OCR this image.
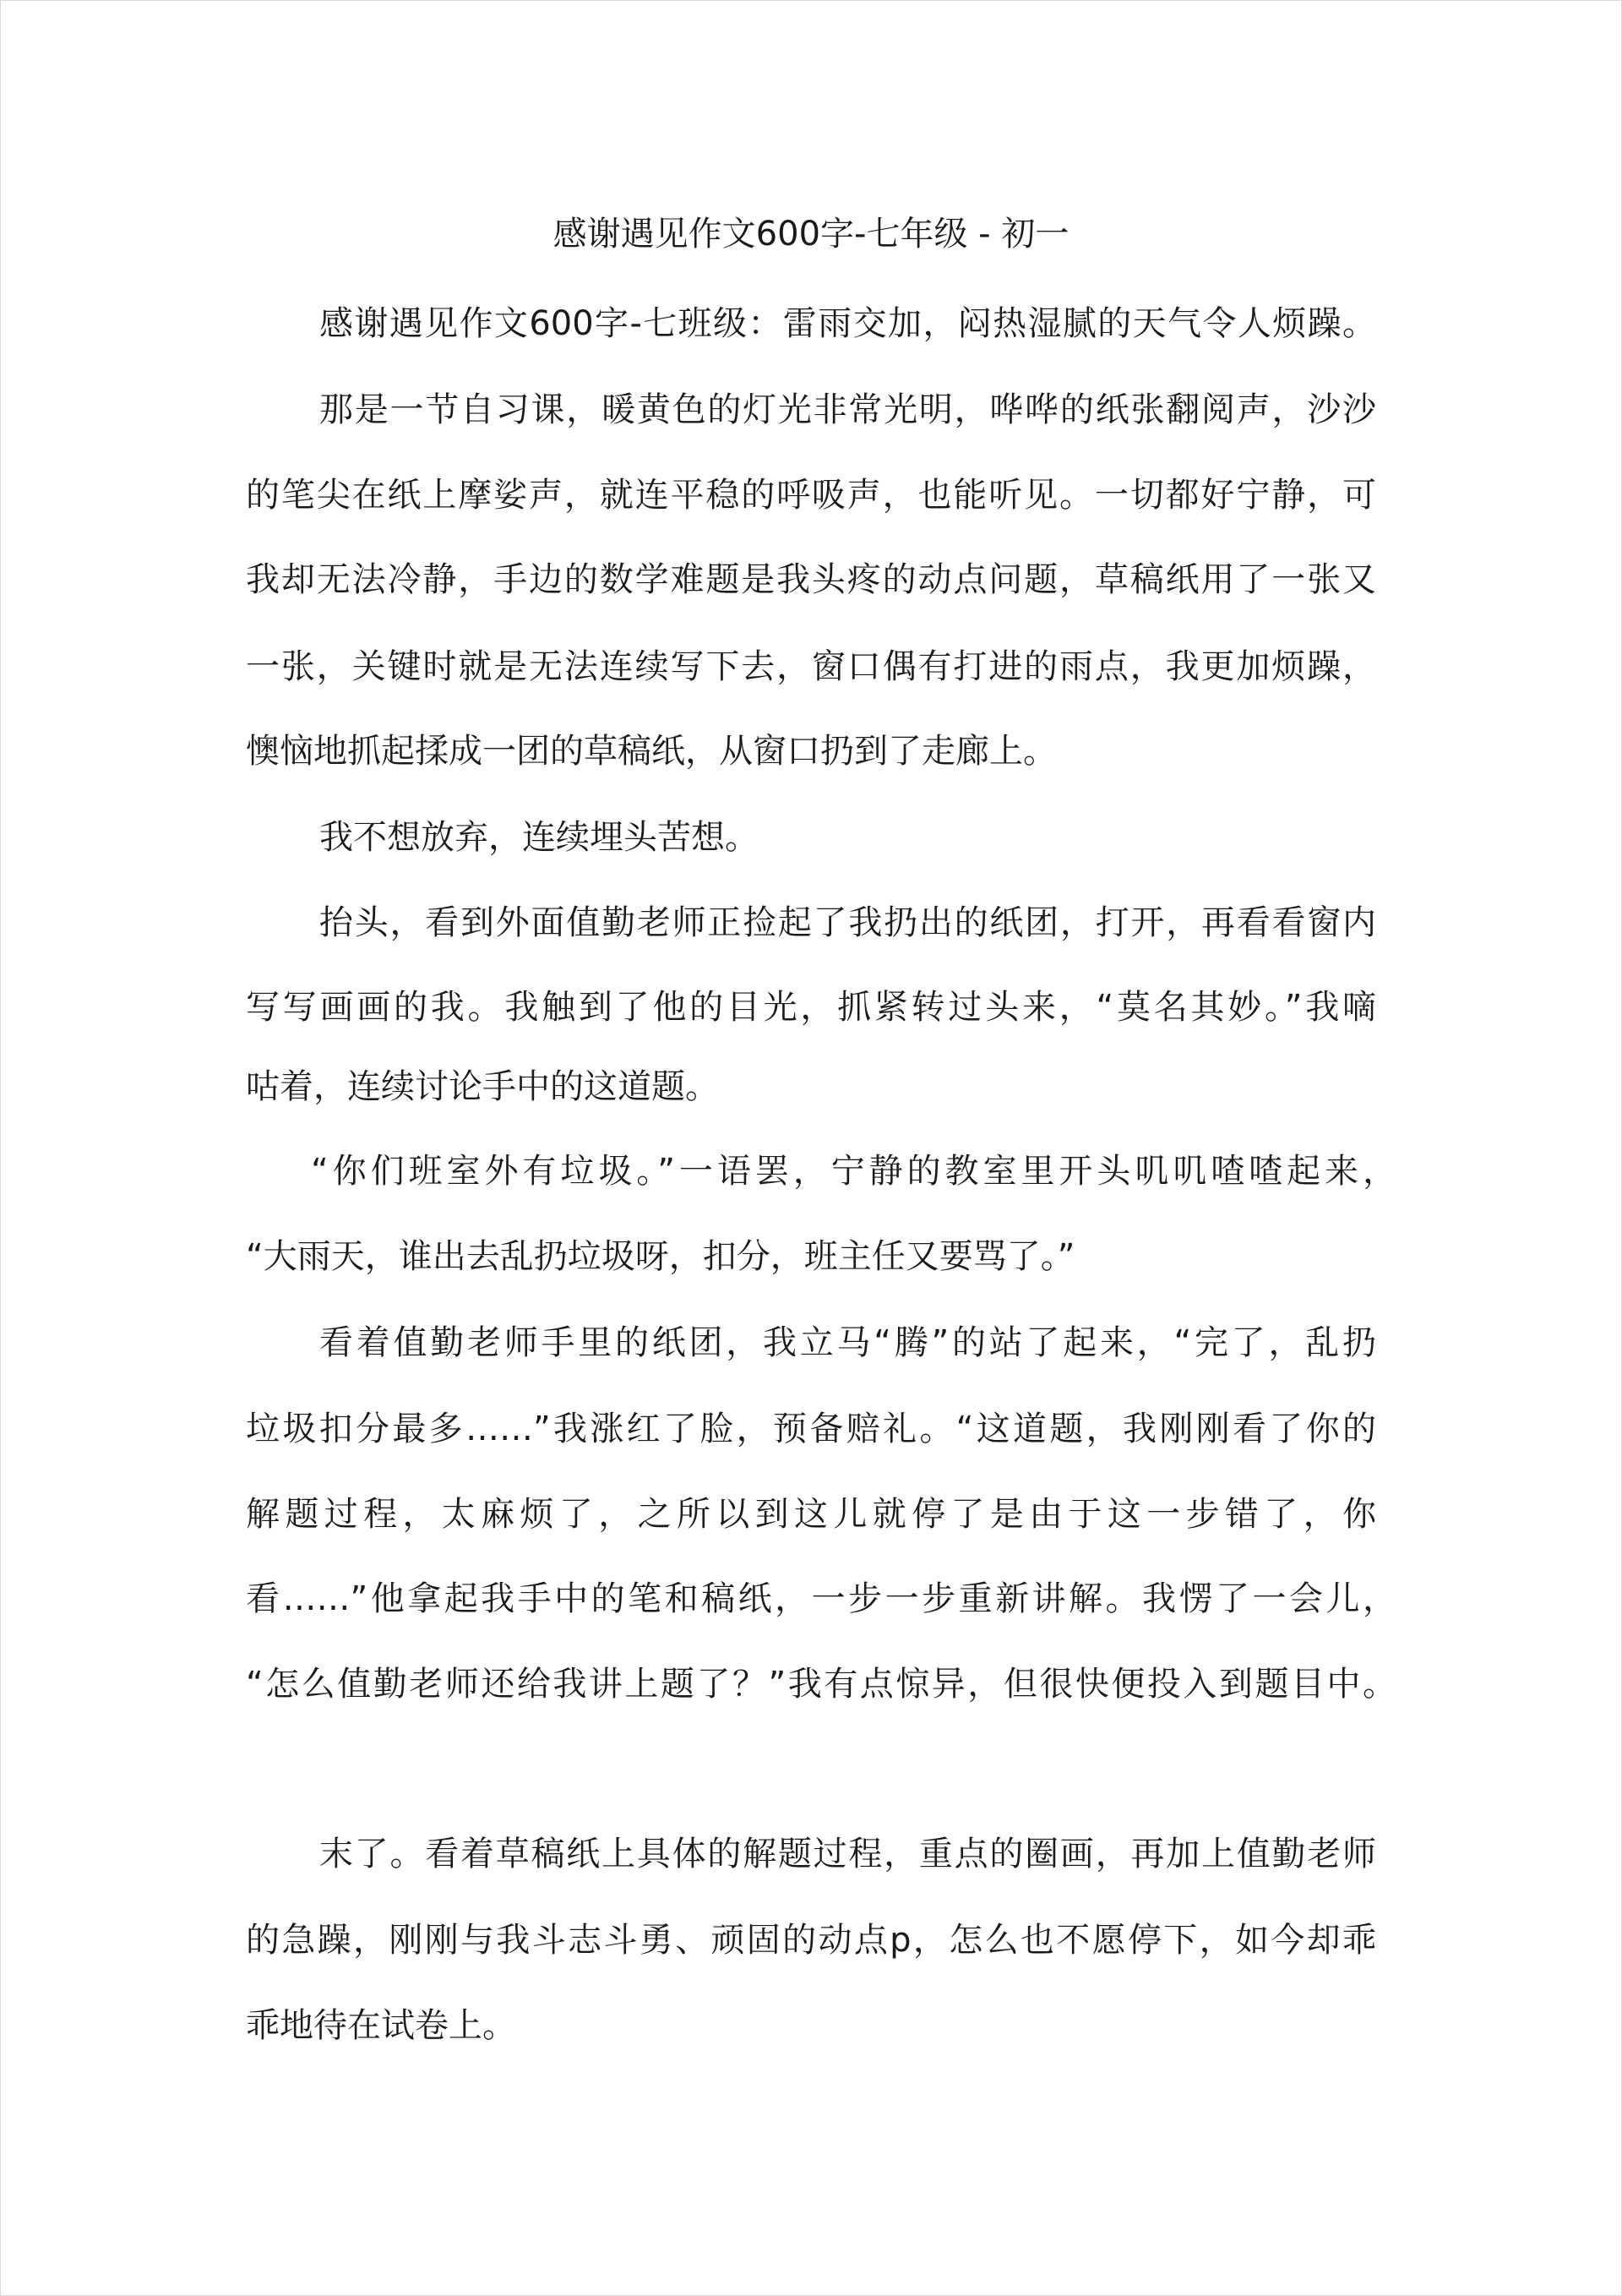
感谢遇见作文600字-七年级 - 初一
感谢遇见作文600字-七班级：雷雨交加，闷热湿腻的天气令人烦躁。
那是一节自习课，暖黄色的灯光非常光明，哗哗的纸张翻阅声，沙沙
的笔尖在纸上摩娑声，就连平稳的呼吸声，也能听见。一切都好宁静，可
我却无法冷静，手边的数学难题是我头疼的动点问题，草稿纸用了一张又
一张，关键时就是无法连续写下去，窗口偶有打进的雨点，我更加烦躁，
懊恼地抓起揉成一团的草稿纸，从窗口扔到了走廊上。
我不想放弃，连续埋头苦想。
抬头，看到外面值勤老师正捡起了我扔出的纸团，打开，再看看窗内
写写画画的我。我触到了他的目光，抓紧转过头来，“莫名其妙。”我嘀
咕着，连续讨论手中的这道题。
“你们班室外有垃圾。”一语罢，宁静的教室里开头叽叽喳喳起来，
“大雨天，谁出去乱扔垃圾呀，扣分，班主任又要骂了。”
看着值勤老师手里的纸团，我立马“腾”的站了起来，“完了，乱扔
垃圾扣分最多……”我涨红了脸，预备赔礼。“这道题，我刚刚看了你的
解题过程，太麻烦了，之所以到这儿就停了是由于这一步错了，你
看……”他拿起我手中的笔和稿纸，一步一步重新讲解。我愣了一会儿，
“怎么值勤老师还给我讲上题了？”我有点惊异，但很快便投入到题目中。
末了。看着草稿纸上具体的解题过程，重点的圈画，再加上值勤老师
的急躁，刚刚与我斗志斗勇、顽固的动点p，怎么也不愿停下，如今却乖
乖地待在试卷上。
